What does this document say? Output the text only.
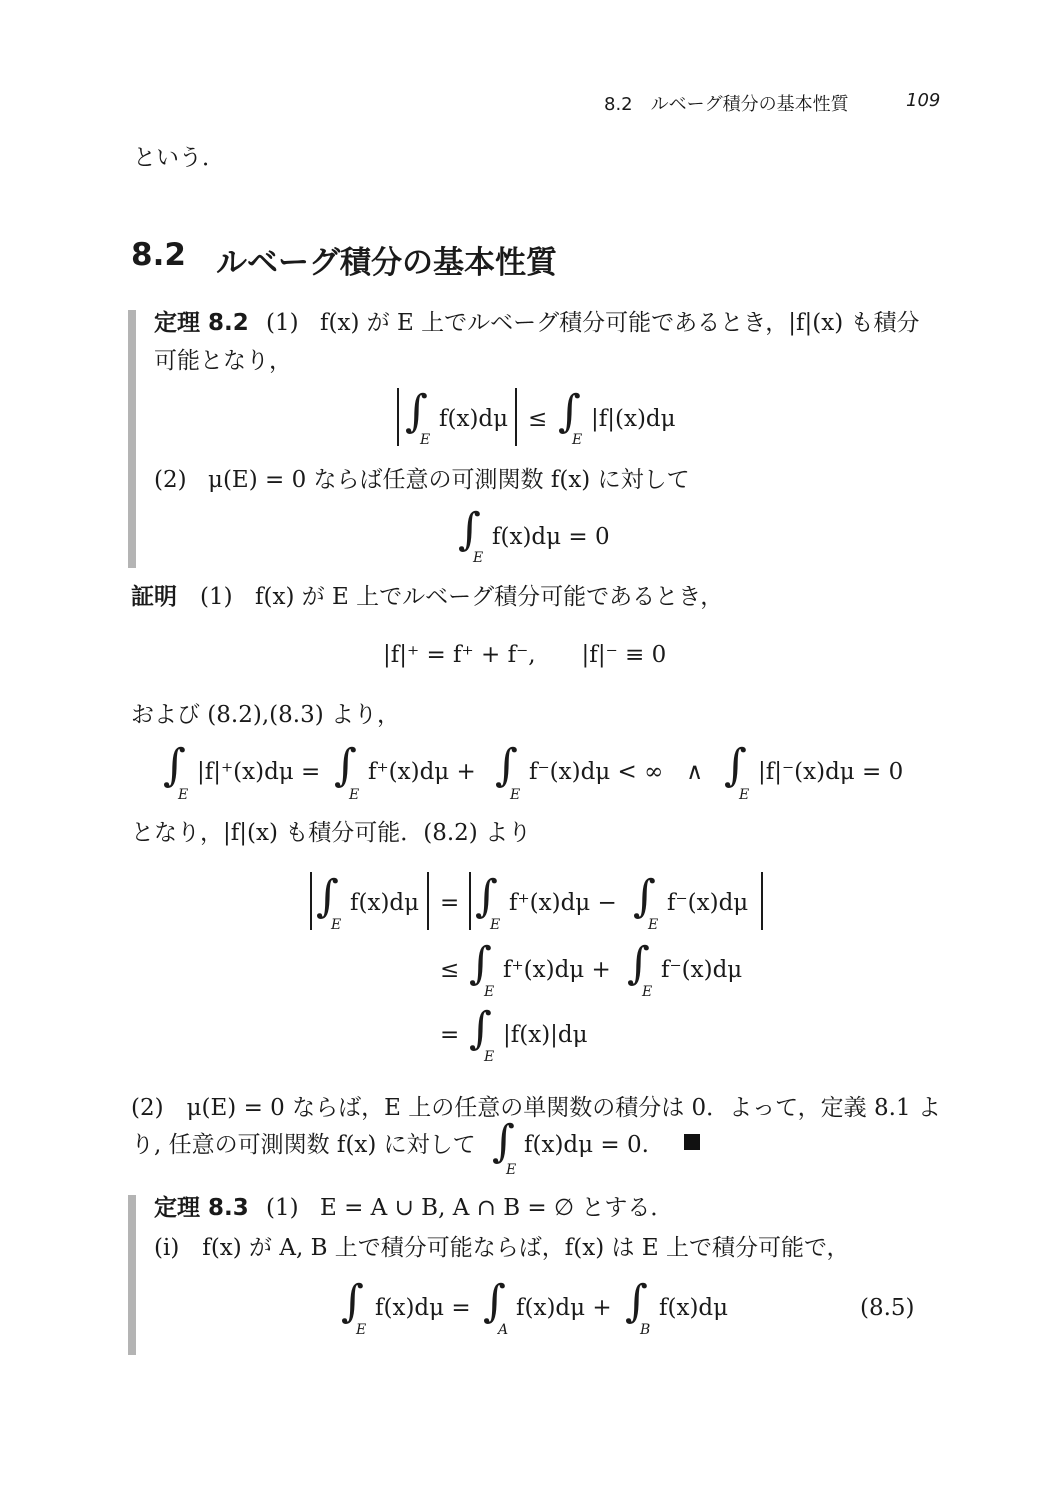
8.2　ルベーグ積分の基本性質	109
という．
8.2 ルベーグ積分の基本性質
定理 8.2 (1) f(x) が E 上でルベーグ積分可能であるとき，|f|(x) も積分
可能となり，
∫
E
f(x)dμ ≤ ∫
E
|f|(x)dμ
(2) μ(E) = 0 ならば任意の可測関数 f(x) に対して
∫
E
f(x)dμ = 0
証明 (1) f(x) が E 上でルベーグ積分可能であるとき，
|f|⁺ = f⁺ + f⁻,　　|f|⁻ ≡ 0
および (8.2),(8.3) より，
∫
E
|f|⁺(x)dμ = ∫
E
f⁺(x)dμ + ∫
E
f⁻(x)dμ < ∞　∧ ∫
E
|f|⁻(x)dμ = 0
となり，|f|(x) も積分可能．(8.2) より
∫
E
f(x)dμ = ∫
E
f⁺(x)dμ − ∫
E
f⁻(x)dμ
≤ ∫
E
f⁺(x)dμ + ∫
E
f⁻(x)dμ
= ∫
E
|f(x)|dμ
(2)　μ(E) = 0 ならば，E 上の任意の単関数の積分は 0．よって，定義 8.1 よ
り, 任意の可測関数 f(x) に対して ∫
E
f(x)dμ = 0.
定理 8.3 (1) E = A ∪ B, A ∩ B = ∅ とする．
(i)　f(x) が A, B 上で積分可能ならば，f(x) は E 上で積分可能で，
∫
E
f(x)dμ = ∫
A
f(x)dμ + ∫
B
f(x)dμ	(8.5)
